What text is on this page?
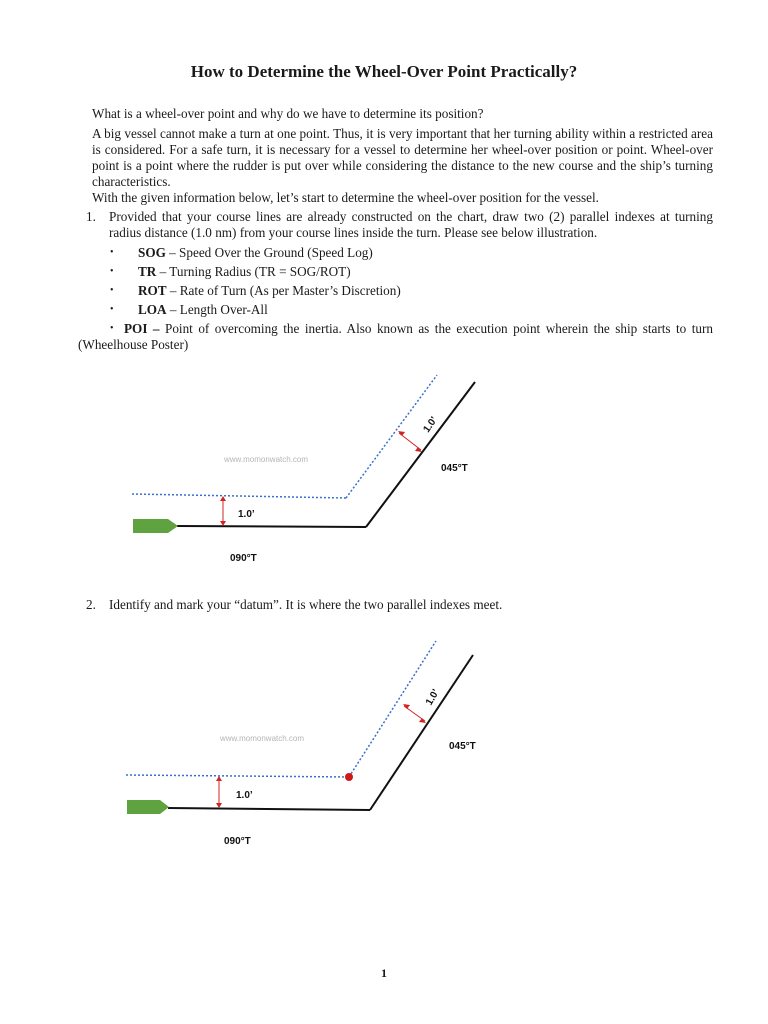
How to Determine the Wheel-Over Point Practically?
What is a wheel-over point and why do we have to determine its position?
A big vessel cannot make a turn at one point. Thus, it is very important that her turning ability within a restricted area is considered. For a safe turn, it is necessary for a vessel to determine her wheel-over position or point. Wheel-over point is a point where the rudder is put over while considering the distance to the new course and the ship’s turning characteristics.
With the given information below, let’s start to determine the wheel-over position for the vessel.
1. Provided that your course lines are already constructed on the chart, draw two (2) parallel indexes at turning radius distance (1.0 nm) from your course lines inside the turn. Please see below illustration.
• SOG – Speed Over the Ground (Speed Log)
• TR – Turning Radius (TR = SOG/ROT)
• ROT – Rate of Turn (As per Master’s Discretion)
• LOA – Length Over-All
• POI – Point of overcoming the inertia. Also known as the execution point wherein the ship starts to turn (Wheelhouse Poster)
www.momonwatch.com
1.0’
1.0’
045°T
090°T
2. Identify and mark your “datum”. It is where the two parallel indexes meet.
www.momonwatch.com
1.0’
1.0’
045°T
090°T
1
